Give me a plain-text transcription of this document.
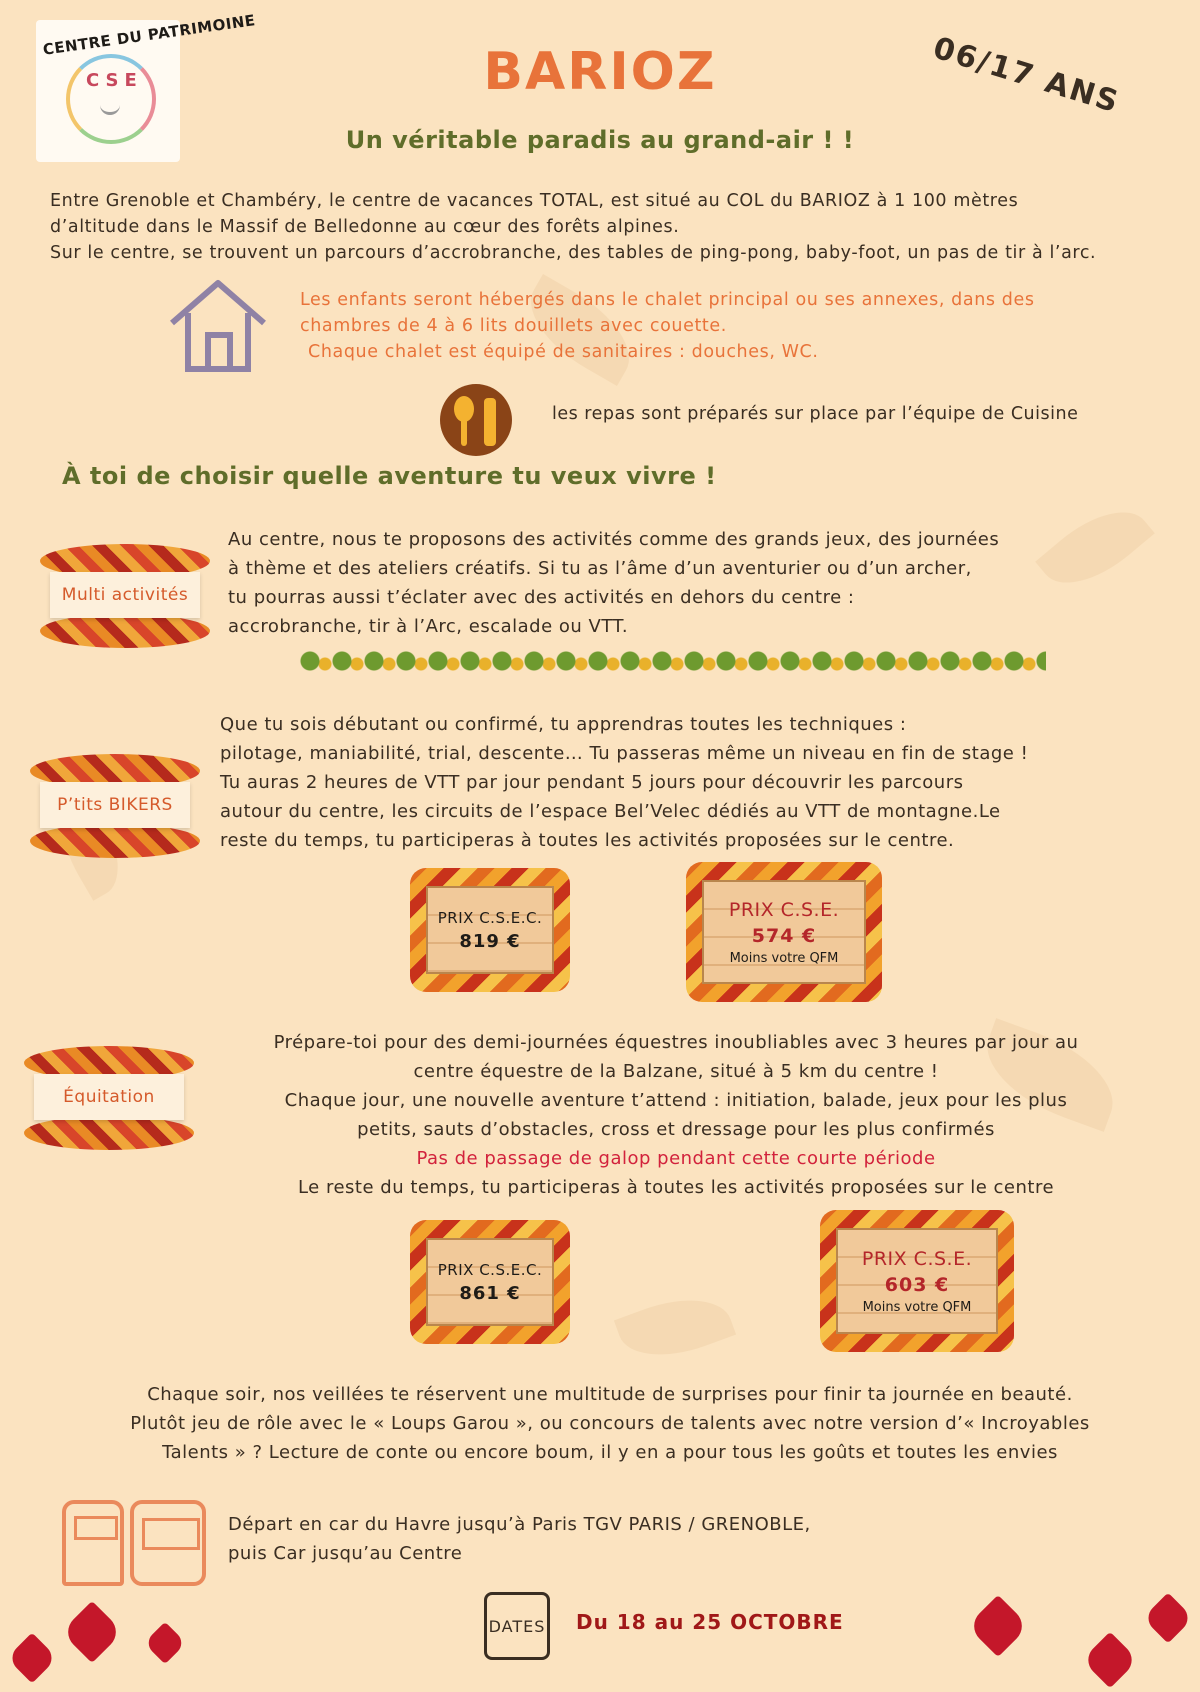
CENTRE DU PATRIMOINE
CSE	BARIOZ	06/17 ANS
Un véritable paradis au grand-air ! !
Entre Grenoble et Chambéry, le centre de vacances TOTAL, est situé au COL du BARIOZ à 1 100 mètres
d’altitude dans le Massif de Belledonne au cœur des forêts alpines.
Sur le centre, se trouvent un parcours d’accrobranche, des tables de ping-pong, baby-foot, un pas de tir à l’arc.
Les enfants seront hébergés dans le chalet principal ou ses annexes, dans des
chambres de 4 à 6 lits douillets avec couette.
Chaque chalet est équipé de sanitaires : douches, WC.
les repas sont préparés sur place par l’équipe de Cuisine
À toi de choisir quelle aventure tu veux vivre !
Multi activités
Au centre, nous te proposons des activités comme des grands jeux, des journées
à thème et des ateliers créatifs. Si tu as l’âme d’un aventurier ou d’un archer,
tu pourras aussi t’éclater avec des activités en dehors du centre :
accrobranche, tir à l’Arc, escalade ou VTT.
P’tits BIKERS
Que tu sois débutant ou confirmé, tu apprendras toutes les techniques :
pilotage, maniabilité, trial, descente… Tu passeras même un niveau en fin de stage !
Tu auras 2 heures de VTT par jour pendant 5 jours pour découvrir les parcours
autour du centre, les circuits de l’espace Bel’Velec dédiés au VTT de montagne.Le
reste du temps, tu participeras à toutes les activités proposées sur le centre.
PRIX C.S.E.C.
819 €
PRIX C.S.E.
574 €
Moins votre QFM
Équitation
Prépare-toi pour des demi-journées équestres inoubliables avec 3 heures par jour au
centre équestre de la Balzane, situé à 5 km du centre !
Chaque jour, une nouvelle aventure t’attend : initiation, balade, jeux pour les plus
petits, sauts d’obstacles, cross et dressage pour les plus confirmés
Pas de passage de galop pendant cette courte période
Le reste du temps, tu participeras à toutes les activités proposées sur le centre
PRIX C.S.E.C.
861 €
PRIX C.S.E.
603 €
Moins votre QFM
Chaque soir, nos veillées te réservent une multitude de surprises pour finir ta journée en beauté.
Plutôt jeu de rôle avec le « Loups Garou », ou concours de talents avec notre version d’« Incroyables
Talents » ? Lecture de conte ou encore boum, il y en a pour tous les goûts et toutes les envies
Départ en car du Havre jusqu’à Paris TGV PARIS / GRENOBLE,
puis Car jusqu’au Centre
DATES Du 18 au 25 OCTOBRE
